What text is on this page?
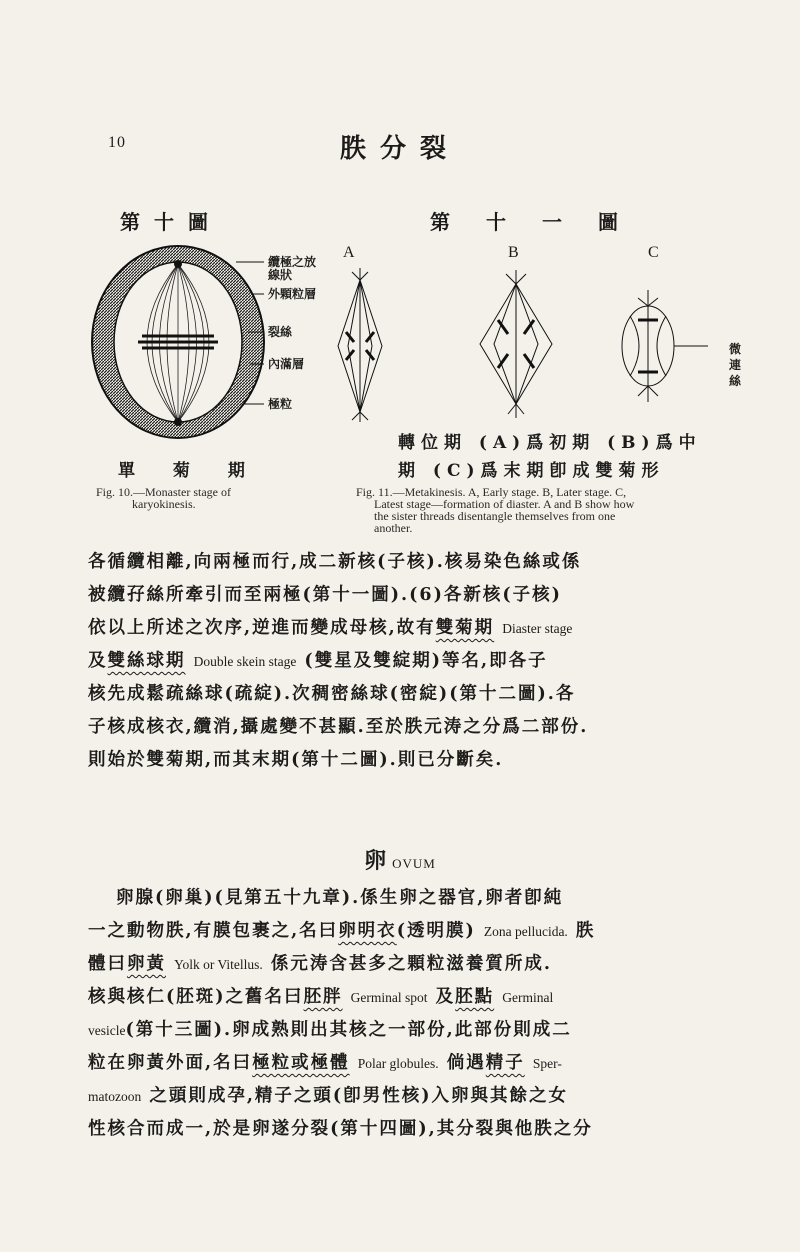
10	胅分裂
第十圖
纜極之放線狀
外顆粒層
裂絲
內滿層
極粒
單 菊 期
Fig. 10.—Monaster stage of
karyokinesis.
第十一圖
A	B	C
微連絲
轉位期 (A)爲初期 (B)爲中
期 (C)爲末期卽成雙菊形
Fig. 11.—Metakinesis. A, Early stage. B, Later stage. C,
Latest stage—formation of diaster. A and B show how
the sister threads disentangle themselves from one
another.
各循纜相離,向兩極而行,成二新核(子核).核易染色絲或係
被纜孖絲所牽引而至兩極(第十一圖).(6)各新核(子核)
依以上所述之次序,逆進而變成母核,故有雙菊期 Diaster stage
及雙絲球期 Double skein stage (雙星及雙綻期)等名,即各子
核先成鬆疏絲球(疏綻).次稠密絲球(密綻)(第十二圖).各
子核成核衣,纜消,攝處變不甚顯.至於胅元涛之分爲二部份.
則始於雙菊期,而其末期(第十二圖).則已分斷矣.
卵OVUM
卵腺(卵巢)(見第五十九章).係生卵之器官,卵者卽純
一之動物胅,有膜包裹之,名曰卵明衣(透明膜) Zona pellucida. 胅
體曰卵黃 Yolk or Vitellus. 係元涛含甚多之顆粒滋養質所成.
核與核仁(胚斑)之舊名曰胚胖 Germinal spot 及胚點 Germinal
vesicle(第十三圖).卵成熟則出其核之一部份,此部份則成二
粒在卵黃外面,名曰極粒或極體 Polar globules. 倘遇精子 Sper-
matozoon 之頭則成孕,精子之頭(卽男性核)入卵與其餘之女
性核合而成一,於是卵遂分裂(第十四圖),其分裂與他胅之分
